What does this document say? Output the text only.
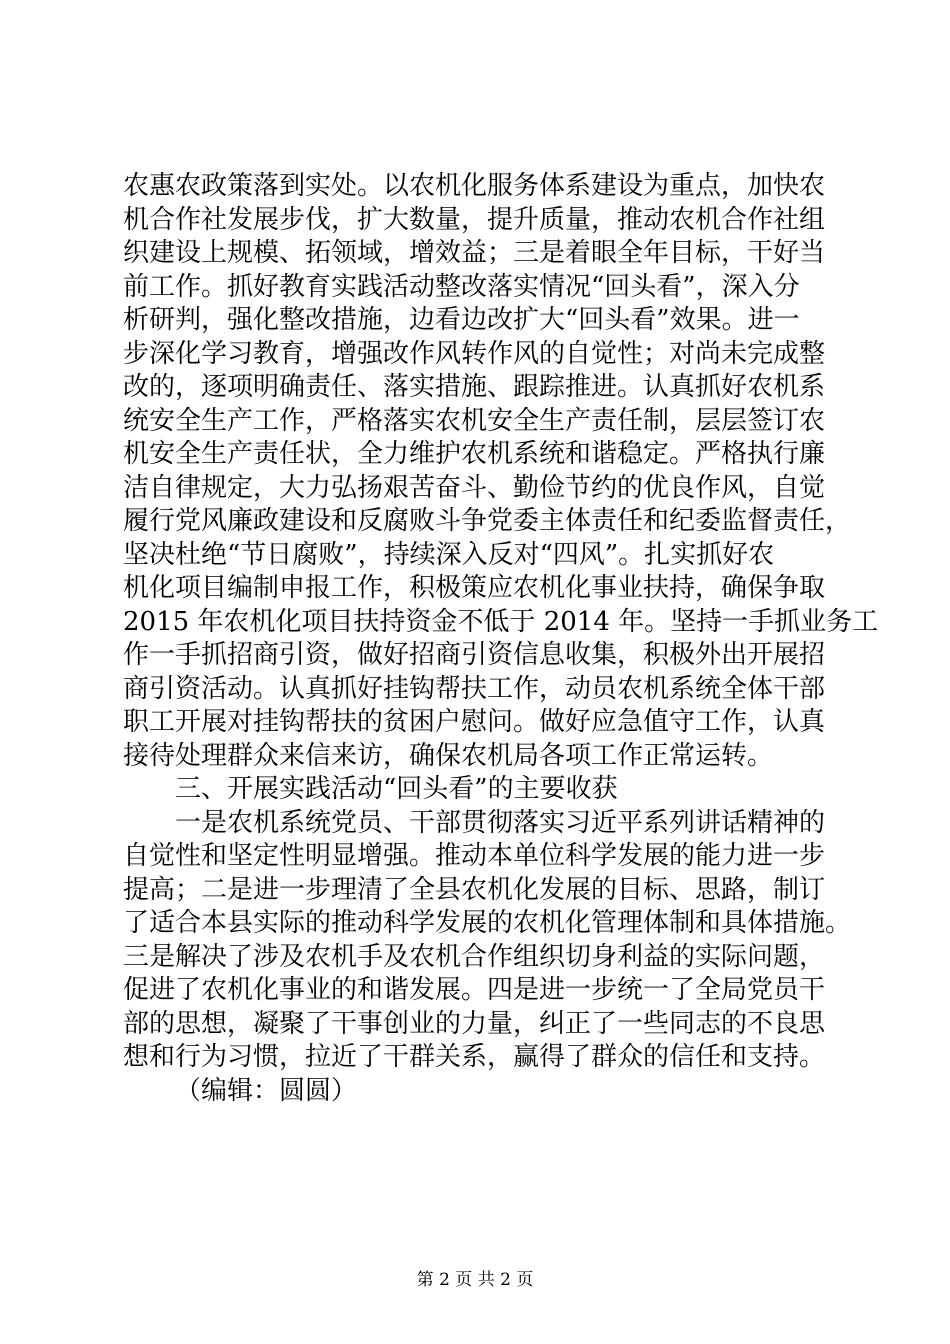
农惠农政策落到实处。以农机化服务体系建设为重点，加快农
机合作社发展步伐，扩大数量，提升质量，推动农机合作社组
织建设上规模、拓领域，增效益；三是着眼全年目标，干好当
前工作。抓好教育实践活动整改落实情况“回头看”，深入分
析研判，强化整改措施，边看边改扩大“回头看”效果。进一
步深化学习教育，增强改作风转作风的自觉性；对尚未完成整
改的，逐项明确责任、落实措施、跟踪推进。认真抓好农机系
统安全生产工作，严格落实农机安全生产责任制，层层签订农
机安全生产责任状，全力维护农机系统和谐稳定。严格执行廉
洁自律规定，大力弘扬艰苦奋斗、勤俭节约的优良作风，自觉
履行党风廉政建设和反腐败斗争党委主体责任和纪委监督责任，
坚决杜绝“节日腐败”，持续深入反对“四风”。扎实抓好农
机化项目编制申报工作，积极策应农机化事业扶持，确保争取
2015 年农机化项目扶持资金不低于 2014 年。坚持一手抓业务工
作一手抓招商引资，做好招商引资信息收集，积极外出开展招
商引资活动。认真抓好挂钩帮扶工作，动员农机系统全体干部
职工开展对挂钩帮扶的贫困户慰问。做好应急值守工作，认真
接待处理群众来信来访，确保农机局各项工作正常运转。
三、开展实践活动“回头看”的主要收获
一是农机系统党员、干部贯彻落实习近平系列讲话精神的
自觉性和坚定性明显增强。推动本单位科学发展的能力进一步
提高；二是进一步理清了全县农机化发展的目标、思路，制订
了适合本县实际的推动科学发展的农机化管理体制和具体措施。
三是解决了涉及农机手及农机合作组织切身利益的实际问题，
促进了农机化事业的和谐发展。四是进一步统一了全局党员干
部的思想，凝聚了干事创业的力量，纠正了一些同志的不良思
想和行为习惯，拉近了干群关系，赢得了群众的信任和支持。
（编辑：圆圆）
第 2 页 共 2 页
